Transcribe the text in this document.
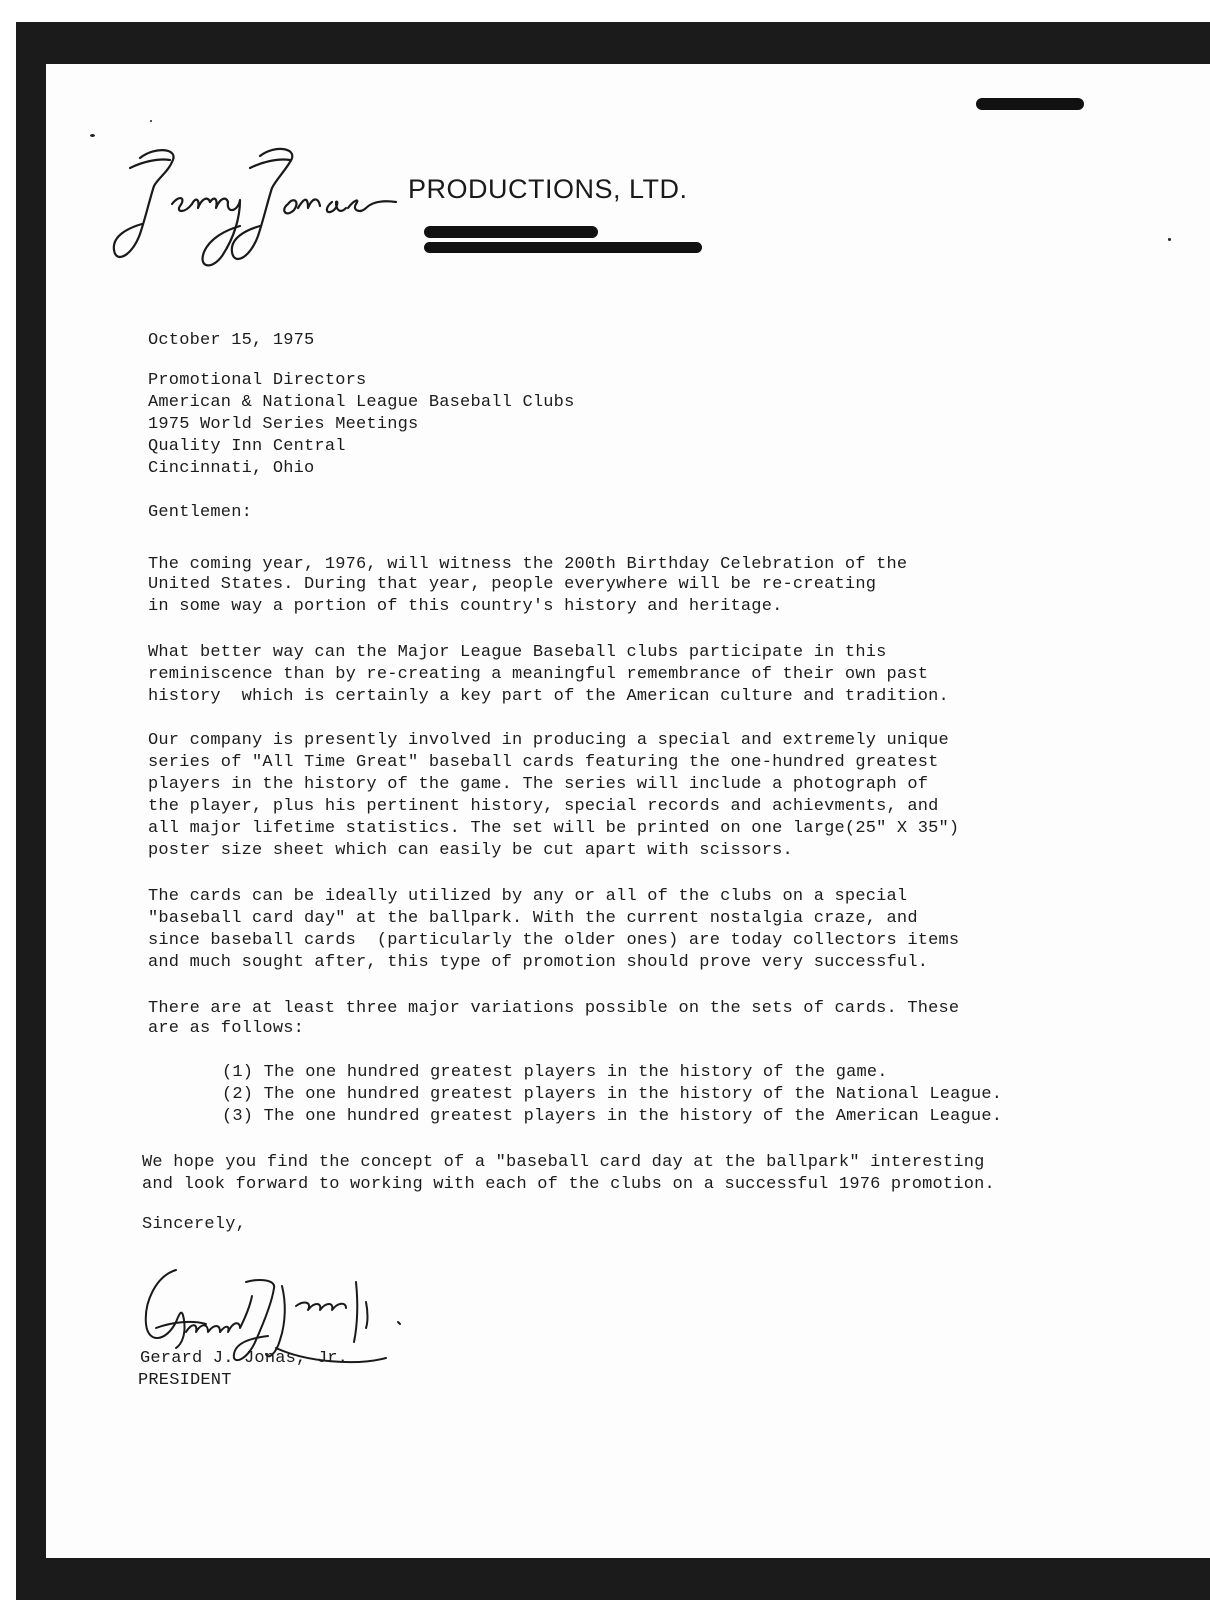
PRODUCTIONS, LTD.
October 15, 1975
Promotional Directors
American & National League Baseball Clubs
1975 World Series Meetings
Quality Inn Central
Cincinnati, Ohio
Gentlemen:
The coming year, 1976, will witness the 200th Birthday Celebration of the
United States. During that year, people everywhere will be re-creating
in some way a portion of this country's history and heritage.
What better way can the Major League Baseball clubs participate in this
reminiscence than by re-creating a meaningful remembrance of their own past
history  which is certainly a key part of the American culture and tradition.
Our company is presently involved in producing a special and extremely unique
series of "All Time Great" baseball cards featuring the one-hundred greatest
players in the history of the game. The series will include a photograph of
the player, plus his pertinent history, special records and achievments, and
all major lifetime statistics. The set will be printed on one large(25" X 35")
poster size sheet which can easily be cut apart with scissors.
The cards can be ideally utilized by any or all of the clubs on a special
"baseball card day" at the ballpark. With the current nostalgia craze, and
since baseball cards  (particularly the older ones) are today collectors items
and much sought after, this type of promotion should prove very successful.
There are at least three major variations possible on the sets of cards. These
are as follows:
(1) The one hundred greatest players in the history of the game.
(2) The one hundred greatest players in the history of the National League.
(3) The one hundred greatest players in the history of the American League.
We hope you find the concept of a "baseball card day at the ballpark" interesting
and look forward to working with each of the clubs on a successful 1976 promotion.
Sincerely,
Gerard J. Jonas, Jr.
PRESIDENT
